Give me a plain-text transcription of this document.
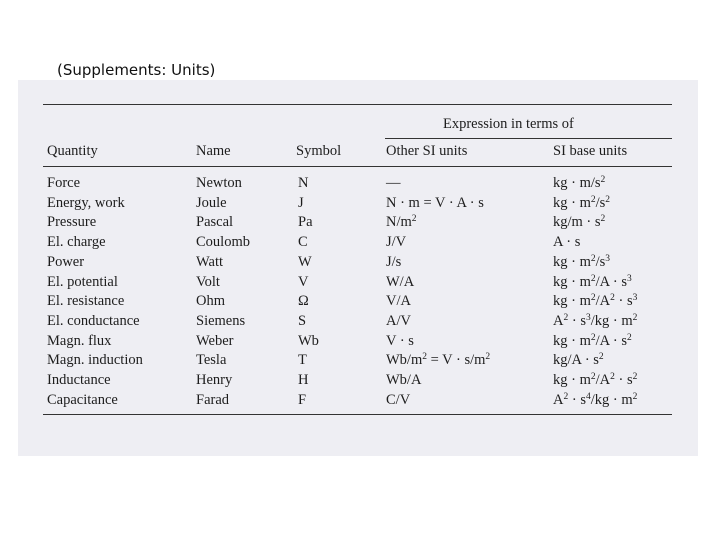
(Supplements: Units)
Expression in terms of
Quantity	Name	Symbol	Other SI units	SI base units
Force	Newton	N	—	kg · $m/s^2$
Energy, work	Joule	J	N · m = V · A · s	kg · $m^2/s^2$
Pressure	Pascal	Pa	$N/m^2$	$kg/m \cdot s^2$
El. charge	Coulomb	C	J/V	A · s
Power	Watt	W	J/s	kg · $m^2/s^3$
El. potential	Volt	V	W/A	kg · $m^2/A \cdot s^3$
El. resistance	Ohm	Ω	V/A	kg · $m^2/A^2 \cdot s^3$
El. conductance	Siemens	S	A/V	$A^2 \cdot s^3/kg \cdot m^2$
Magn. flux	Weber	Wb	V · s	kg · $m^2/A \cdot s^2$
Magn. induction	Tesla	T	$Wb/m^2 = V \cdot s/m^2$	$kg/A \cdot s^2$
Inductance	Henry	H	Wb/A	kg · $m^2/A^2 \cdot s^2$
Capacitance	Farad	F	C/V	$A^2 \cdot s^4/kg \cdot m^2$
